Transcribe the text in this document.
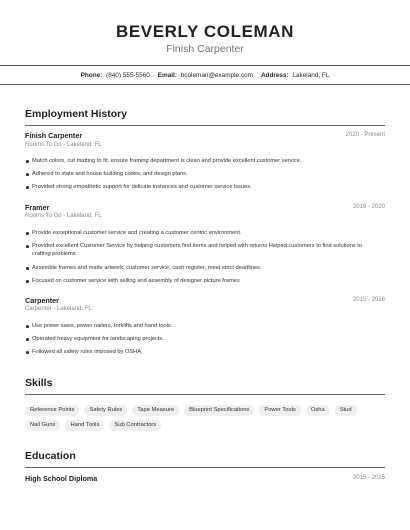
BEVERLY COLEMAN
Finish Carpenter
Phone: (840) 555-5560 Email: bcoleman@example.com Address: Lakeland, FL
Employment History
Finish Carpenter	2020 - Present
Rooms To Go - Lakeland, FL
Match colors, cut matting to fit, ensure framing department is clean and provide excellent customer service.
Adhered to state and house building codes, and design plans.
Provided strong empathetic support for delicate instances and customer service issues.
Framer	2016 - 2020
Rooms To Go - Lakeland, FL
Provide exceptional customer service and creating a customer centric environment.
Provided excellent Customer Service by helping customers find items and helped with returns Helped customers to find solutions to crafting problems
Assemble frames and matte artwork, customer service, cash register, meet strict deadlines.
Focused on customer service with selling and assembly of designer picture frames
Carpenter	2015 - 2016
Carpenter - Lakeland, FL
Use power saws, power nailers, forklifts and hand tools.
Operated heavy equipment for landscaping projects.
Followed all safety rules imposed by OSHA
Skills
Reference Points	Safety Rules	Tape Measure	Blueprint Specifications	Power Tools	Osha	Stud
Nail Guns	Hand Tools	Sub Contractors
Education
High School Diploma	2015 - 2015
